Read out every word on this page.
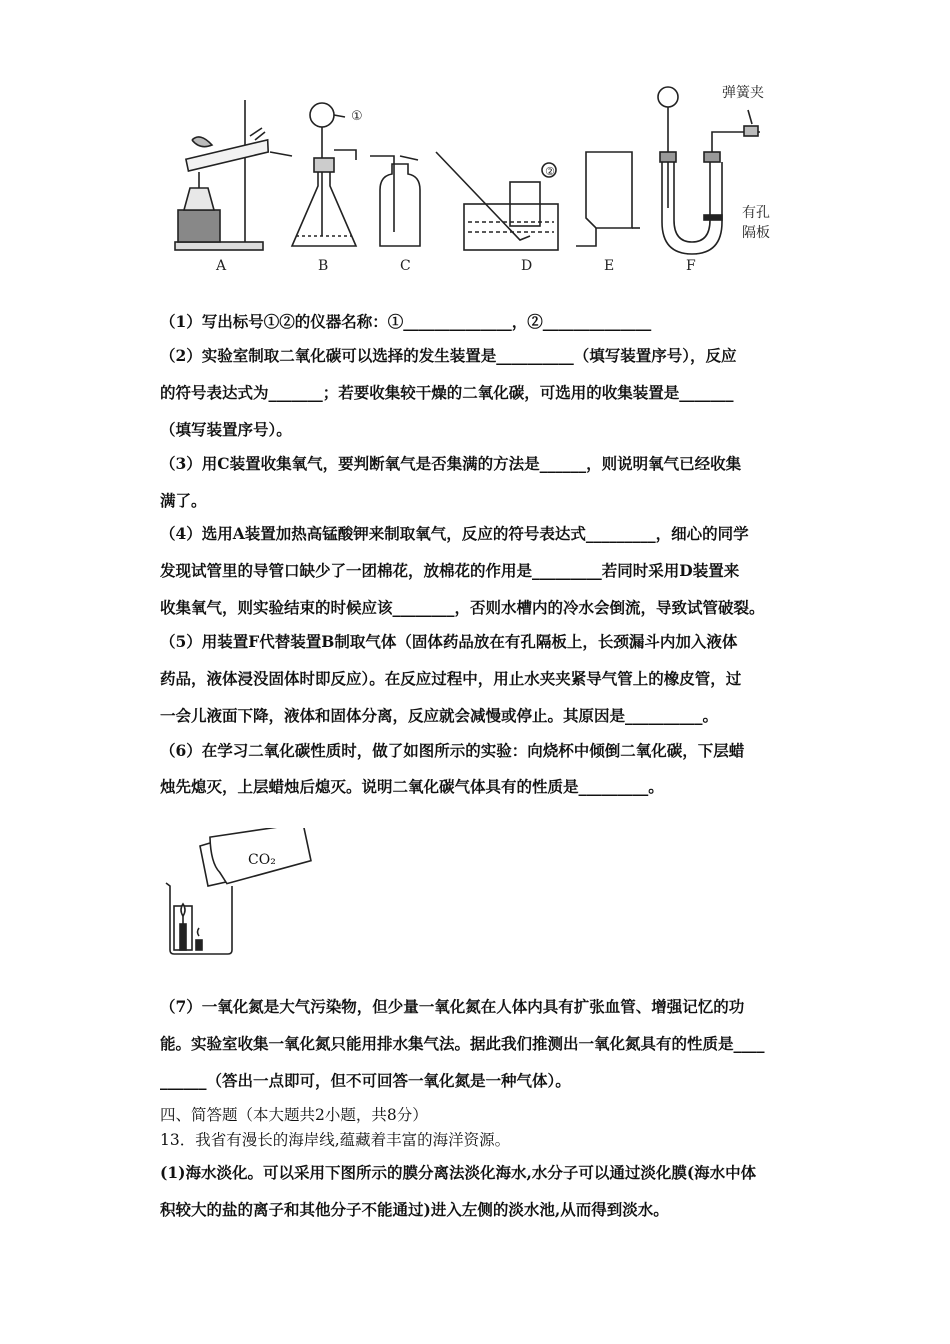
①
②
弹簧夹
有孔
隔板
A	B	C	D	E	F
（1）写出标号①②的仪器名称：①______________，②______________
（2）实验室制取二氧化碳可以选择的发生装置是__________（填写装置序号），反应
的符号表达式为_______；若要收集较干燥的二氧化碳，可选用的收集装置是_______
（填写装置序号）。
（3）用C装置收集氧气，要判断氧气是否集满的方法是______，则说明氧气已经收集
满了。
（4）选用A装置加热高锰酸钾来制取氧气，反应的符号表达式_________，细心的同学
发现试管里的导管口缺少了一团棉花，放棉花的作用是_________若同时采用D装置来
收集氧气，则实验结束的时候应该________，否则水槽内的冷水会倒流，导致试管破裂。
（5）用装置F代替装置B制取气体（固体药品放在有孔隔板上，长颈漏斗内加入液体
药品，液体浸没固体时即反应）。在反应过程中，用止水夹夹紧导气管上的橡皮管，过
一会儿液面下降，液体和固体分离，反应就会减慢或停止。其原因是__________。
（6）在学习二氧化碳性质时，做了如图所示的实验：向烧杯中倾倒二氧化碳，下层蜡
烛先熄灭，上层蜡烛后熄灭。说明二氧化碳气体具有的性质是_________。
CO₂
（7）一氧化氮是大气污染物，但少量一氧化氮在人体内具有扩张血管、增强记忆的功
能。实验室收集一氧化氮只能用排水集气法。据此我们推测出一氧化氮具有的性质是____
______（答出一点即可，但不可回答一氧化氮是一种气体）。
四、简答题（本大题共2小题，共8分）
13．我省有漫长的海岸线,蕴藏着丰富的海洋资源。
(1)海水淡化。可以采用下图所示的膜分离法淡化海水,水分子可以通过淡化膜(海水中体
积较大的盐的离子和其他分子不能通过)进入左侧的淡水池,从而得到淡水。
